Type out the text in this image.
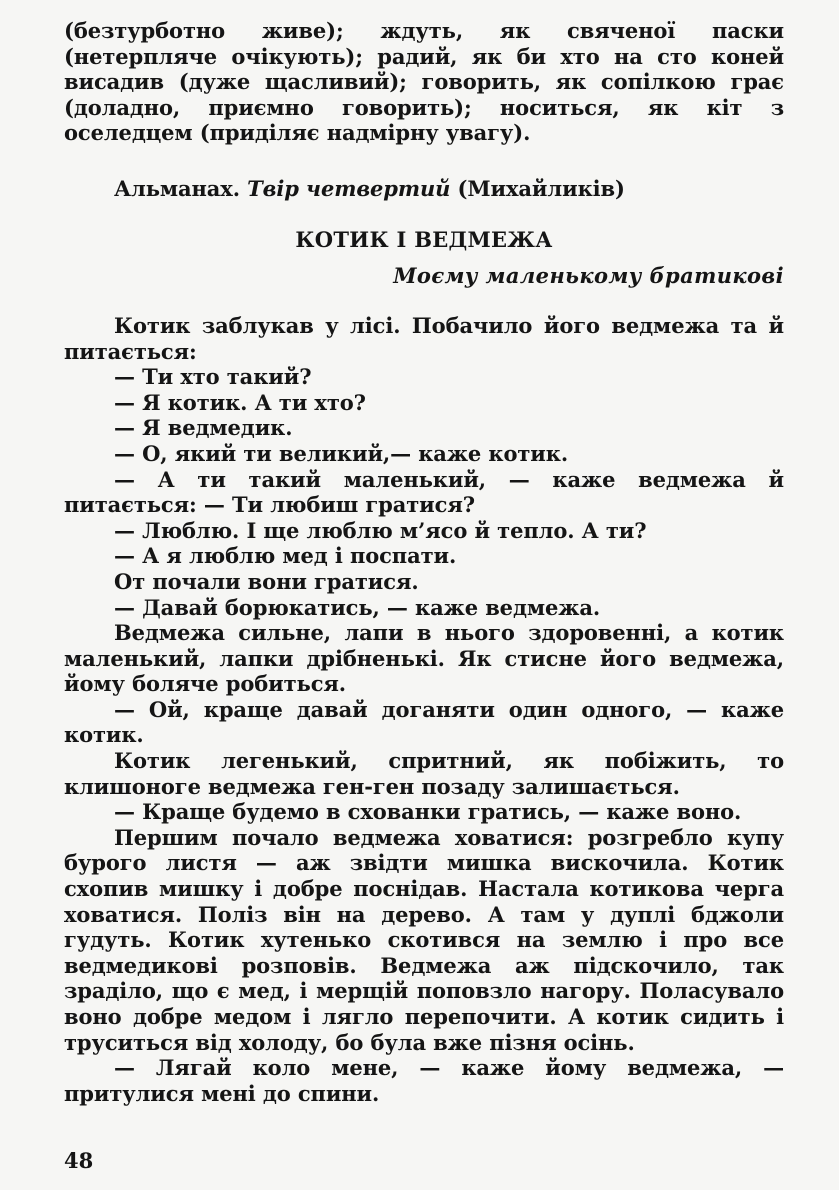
(безтурботно живе); ждуть, як свяченої паски (нетерпляче очікують); радий, як би хто на сто коней висадив (дуже щасливий); говорить, як сопілкою грає (доладно, приємно говорить); носиться, як кіт з оселедцем (приділяє надмірну увагу).

Альманах. Твір четвертий (Михайликів)

КОТИК І ВЕДМЕЖА

Моєму маленькому братикові

Котик заблукав у лісі. Побачило його ведмежа та й питається:

— Ти хто такий?

— Я котик. А ти хто?

— Я ведмедик.

— О, який ти великий,— каже котик.

— А ти такий маленький, — каже ведмежа й питається: — Ти любиш гратися?

— Люблю. І ще люблю м’ясо й тепло. А ти?

— А я люблю мед і поспати.

От почали вони гратися.

— Давай борюкатись, — каже ведмежа.

Ведмежа сильне, лапи в нього здоровенні, а котик маленький, лапки дрібненькі. Як стисне його ведмежа, йому боляче робиться.

— Ой, краще давай доганяти один одного, — каже котик.

Котик легенький, спритний, як побіжить, то клишоноге ведмежа ген-ген позаду залишається.

— Краще будемо в схованки гратись, — каже воно.

Першим почало ведмежа ховатися: розгребло купу бурого листя — аж звідти мишка вискочила. Котик схопив мишку і добре поснідав. Настала котикова черга ховатися. Поліз він на дерево. А там у дуплі бджоли гудуть. Котик хутенько скотився на землю і про все ведмедикові розповів. Ведмежа аж підскочило, так зраділо, що є мед, і мерщій поповзло нагору. Поласувало воно добре медом і лягло перепочити. А котик сидить і труситься від холоду, бо була вже пізня осінь.

— Лягай коло мене, — каже йому ведмежа, — притулися мені до спини.

48
